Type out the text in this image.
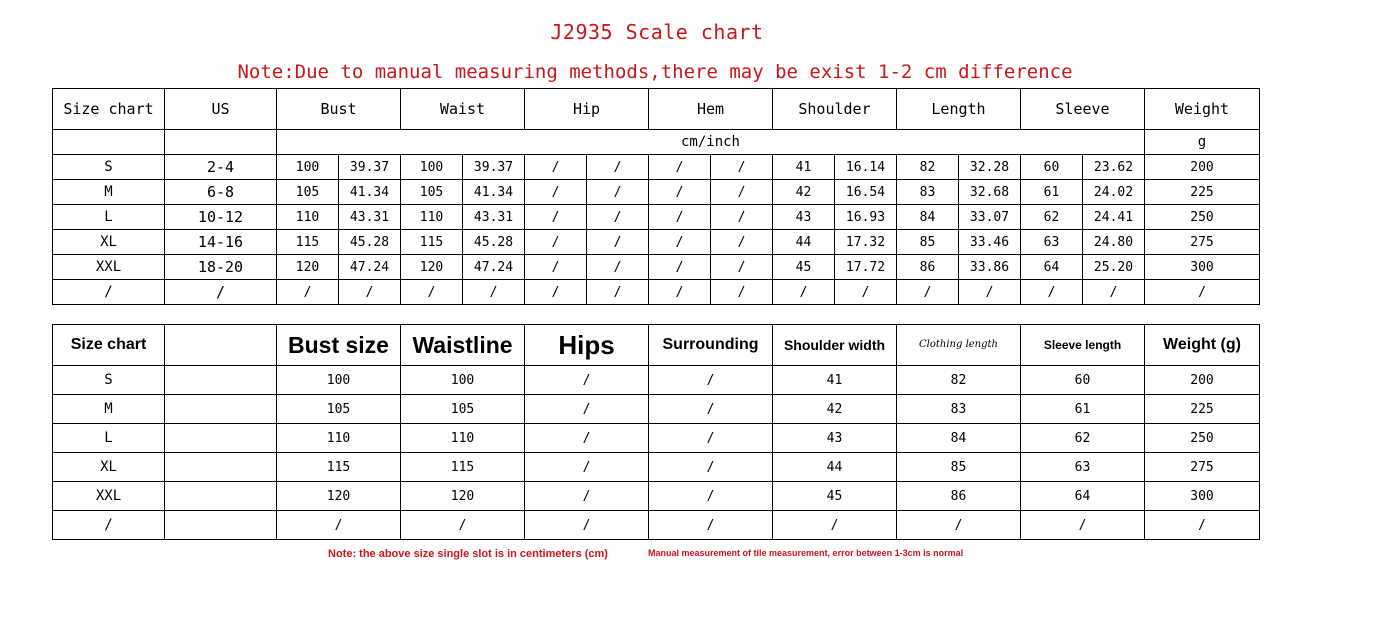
J2935 Scale chart
Note:Due to manual measuring methods,there may be exist 1-2 cm difference
Size chart	US	Bust		Waist		Hip		Hem		Shoulder		Length		Sleeve		Weight
		cm/inch														g
S	2-4	100	39.37	100	39.37	/	/	/	/	41	16.14	82	32.28	60	23.62	200
M	6-8	105	41.34	105	41.34	/	/	/	/	42	16.54	83	32.68	61	24.02	225
L	10-12	110	43.31	110	43.31	/	/	/	/	43	16.93	84	33.07	62	24.41	250
XL	14-16	115	45.28	115	45.28	/	/	/	/	44	17.32	85	33.46	63	24.80	275
XXL	18-20	120	47.24	120	47.24	/	/	/	/	45	17.72	86	33.86	64	25.20	300
/	/	/	/	/	/	/	/	/	/	/	/	/	/	/	/	/
Size chart		Bust size	Waistline	Hips	Surrounding	Shoulder width	Clothing length	Sleeve length	Weight (g)
S		100	100	/	/	41	82	60	200
M		105	105	/	/	42	83	61	225
L		110	110	/	/	43	84	62	250
XL		115	115	/	/	44	85	63	275
XXL		120	120	/	/	45	86	64	300
/		/	/	/	/	/	/	/	/
Note: the above size single slot is in centimeters (cm)	Manual measurement of tile measurement, error between 1-3cm is normal
